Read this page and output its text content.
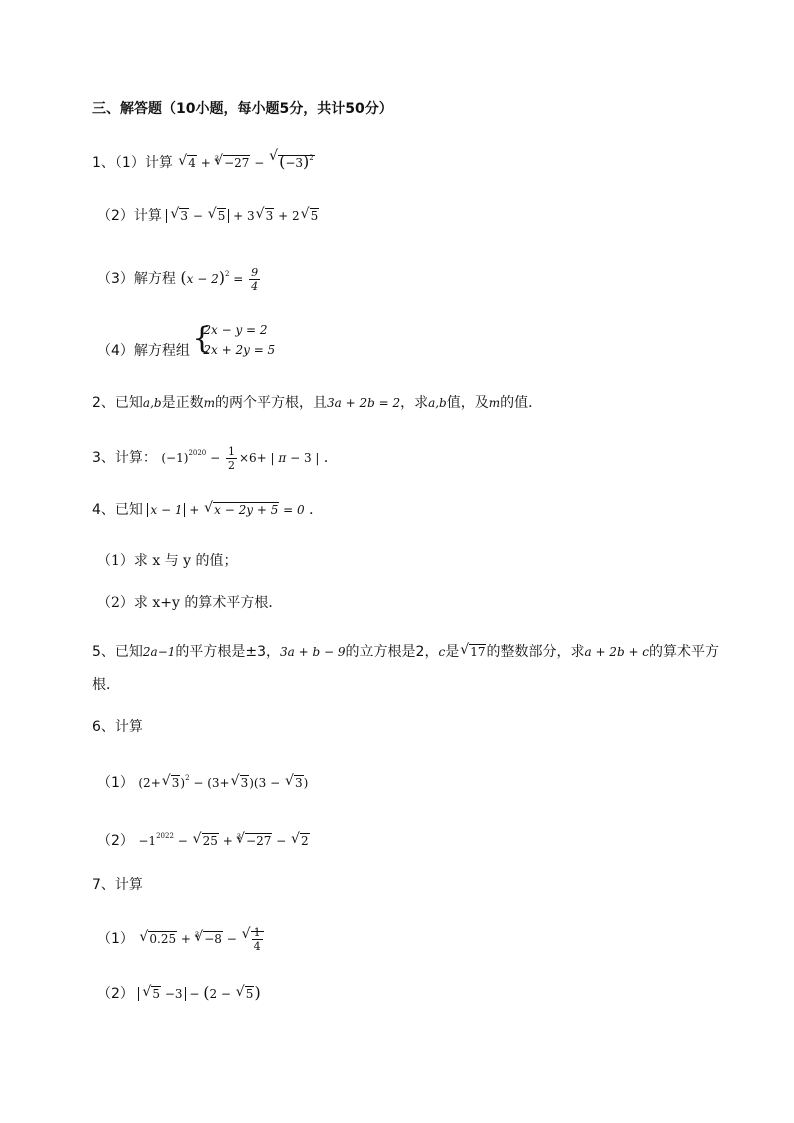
三、解答题（10小题，每小题5分，共计50分）
1、（1）计算 √ 4 + $^3$ √ −27 − √ $(-3)^2$
（2）计算 √ 3 − √ 5 + 3 √ 3 + 2 √ 5
（3）解方程 $(x - 2)^2 = \frac{9}{4}$
（4）解方程组 {
2x − y = 2
2x + 2y = 5
2、已知a,b是正数m的两个平方根，且3a + 2b = 2，求a,b值，及m的值．
3、计算： $(-1)^{2020} - \frac{1}{2} \times 6+$ | π − 3 | ．
4、已知 x − 1 + √ x − 2y + 5 = 0 ．
（1）求 x 与 y 的值；
（2）求 x+y 的算术平方根．
5、已知2a−1的平方根是±3，3a + b − 9的立方根是2，c是 √ 17的整数部分，求a + 2b + c的算术平方
根．
6、计算
（1） (2+ √ 3)$^2$ − (3+ √ 3)(3 − √ 3)
$(2) -1^{2022}$ − √ 25 + $^3$ √ −27 − √ 2
7、计算
（1） √ 0.25 + $^3$ √ −8 − √ $\frac{1}{4}$
（2） √ 5 −3 − (2 − √ 5)
